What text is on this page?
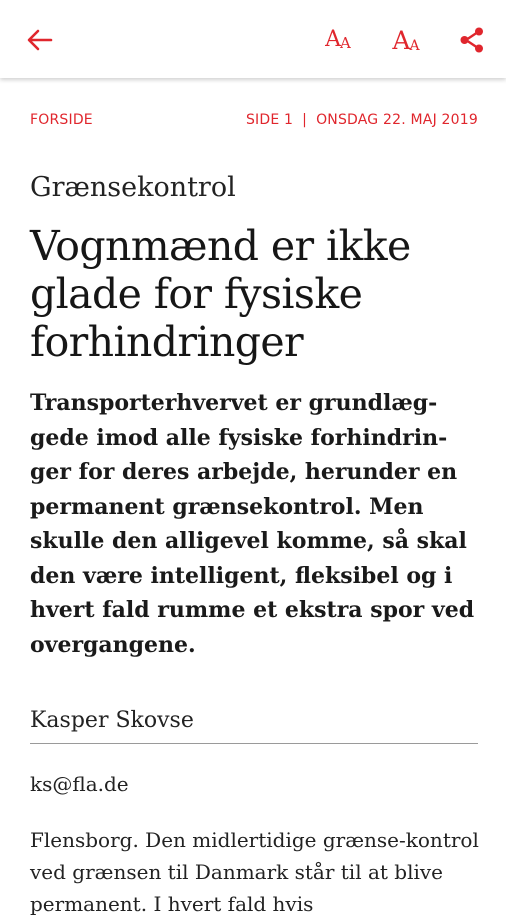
A A A A
FORSIDE	SIDE 1 | ONSDAG 22. MAJ 2019
Grænsekontrol
Vognmænd er ikke glade for fysiske forhindringer

Transporterhvervet er grundlæg-gede imod alle fysiske forhindrin-ger for deres arbejde, herunder en permanent grænsekontrol. Men skulle den alligevel komme, så skal den være intelligent, fleksibel og i hvert fald rumme et ekstra spor ved overgangene.

Kasper Skovse
ks@fla.de

Flensborg. Den midlertidige grænse-kontrol ved grænsen til Danmark står til at blive permanent. I hvert fald hvis
